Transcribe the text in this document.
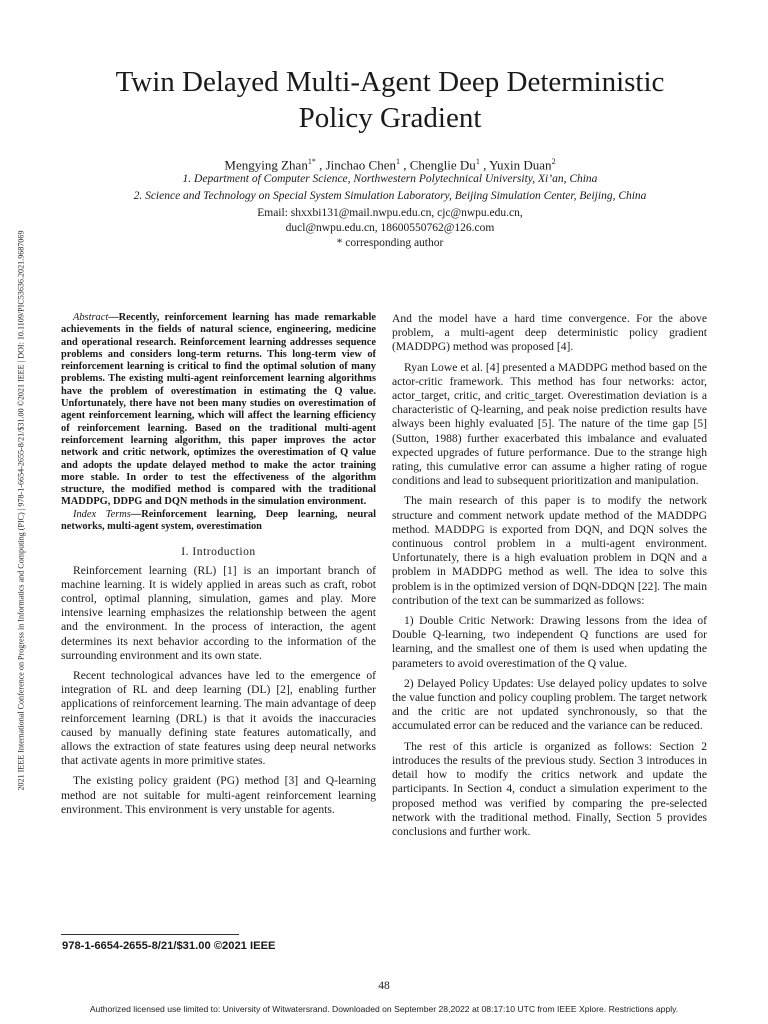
2021 IEEE International Conference on Progress in Informatics and Computing (PIC) | 978-1-6654-2655-8/21/$31.00 ©2021 IEEE | DOI: 10.1109/PIC53636.2021.9687069
Twin Delayed Multi-Agent Deep Deterministic
Policy Gradient
Mengying Zhan$^{1*}$ , Jinchao Chen$^1$ , Chenglie Du$^1$ , Yuxin Duan$^2$
1. Department of Computer Science, Northwestern Polytechnical University, Xi’an, China
2. Science and Technology on Special System Simulation Laboratory, Beijing Simulation Center, Beijing, China
Email: shxxbi131@mail.nwpu.edu.cn, cjc@nwpu.edu.cn,
ducl@nwpu.edu.cn, 18600550762@126.com
* corresponding author

Abstract—Recently, reinforcement learning has made remarkable achievements in the fields of natural science, engineering, medicine and operational research. Reinforcement learning addresses sequence problems and considers long-term returns. This long-term view of reinforcement learning is critical to find the optimal solution of many problems. The existing multi-agent reinforcement learning algorithms have the problem of overestimation in estimating the Q value. Unfortunately, there have not been many studies on overestimation of agent reinforcement learning, which will affect the learning efficiency of reinforcement learning. Based on the traditional multi-agent reinforcement learning algorithm, this paper improves the actor network and critic network, optimizes the overestimation of Q value and adopts the update delayed method to make the actor training more stable. In order to test the effectiveness of the algorithm structure, the modified method is compared with the traditional MADDPG, DDPG and DQN methods in the simulation environment.

Index Terms—Reinforcement learning, Deep learning, neural networks, multi-agent system, overestimation

I. Introduction

Reinforcement learning (RL) [1] is an important branch of machine learning. It is widely applied in areas such as craft, robot control, optimal planning, simulation, games and play. More intensive learning emphasizes the relationship between the agent and the environment. In the process of interaction, the agent determines its next behavior according to the information of the surrounding environment and its own state.

Recent technological advances have led to the emergence of integration of RL and deep learning (DL) [2], enabling further applications of reinforcement learning. The main advantage of deep reinforcement learning (DRL) is that it avoids the inaccuracies caused by manually defining state features automatically, and allows the extraction of state features using deep neural networks that activate agents in more primitive states.

The existing policy graident (PG) method [3] and Q-learning method are not suitable for multi-agent reinforcement learning environment. This environment is very unstable for agents.

And the model have a hard time convergence. For the above problem, a multi-agent deep deterministic policy gradient (MADDPG) method was proposed [4].

Ryan Lowe et al. [4] presented a MADDPG method based on the actor-critic framework. This method has four networks: actor, actor_target, critic, and critic_target. Overestimation deviation is a characteristic of Q-learning, and peak noise prediction results have always been highly evaluated [5]. The nature of the time gap [5] (Sutton, 1988) further exacerbated this imbalance and evaluated expected upgrades of future performance. Due to the strange high rating, this cumulative error can assume a higher rating of rogue conditions and lead to subsequent prioritization and manipulation.

The main research of this paper is to modify the network structure and comment network update method of the MADDPG method. MADDPG is exported from DQN, and DQN solves the continuous control problem in a multi-agent environment. Unfortunately, there is a high evaluation problem in DQN and a problem in MADDPG method as well. The idea to solve this problem is in the optimized version of DQN-DDQN [22]. The main contribution of the text can be summarized as follows:

1) Double Critic Network: Drawing lessons from the idea of Double Q-learning, two independent Q functions are used for learning, and the smallest one of them is used when updating the parameters to avoid overestimation of the Q value.

2) Delayed Policy Updates: Use delayed policy updates to solve the value function and policy coupling problem. The target network and the critic are not updated synchronously, so that the accumulated error can be reduced and the variance can be reduced.

The rest of this article is organized as follows: Section 2 introduces the results of the previous study. Section 3 introduces in detail how to modify the critics network and update the participants. In Section 4, conduct a simulation experiment to the proposed method was verified by comparing the pre-selected network with the traditional method. Finally, Section 5 provides conclusions and further work.

978-1-6654-2655-8/21/$31.00 ©2021 IEEE
48
Authorized licensed use limited to: University of Witwatersrand. Downloaded on September 28,2022 at 08:17:10 UTC from IEEE Xplore. Restrictions apply.
